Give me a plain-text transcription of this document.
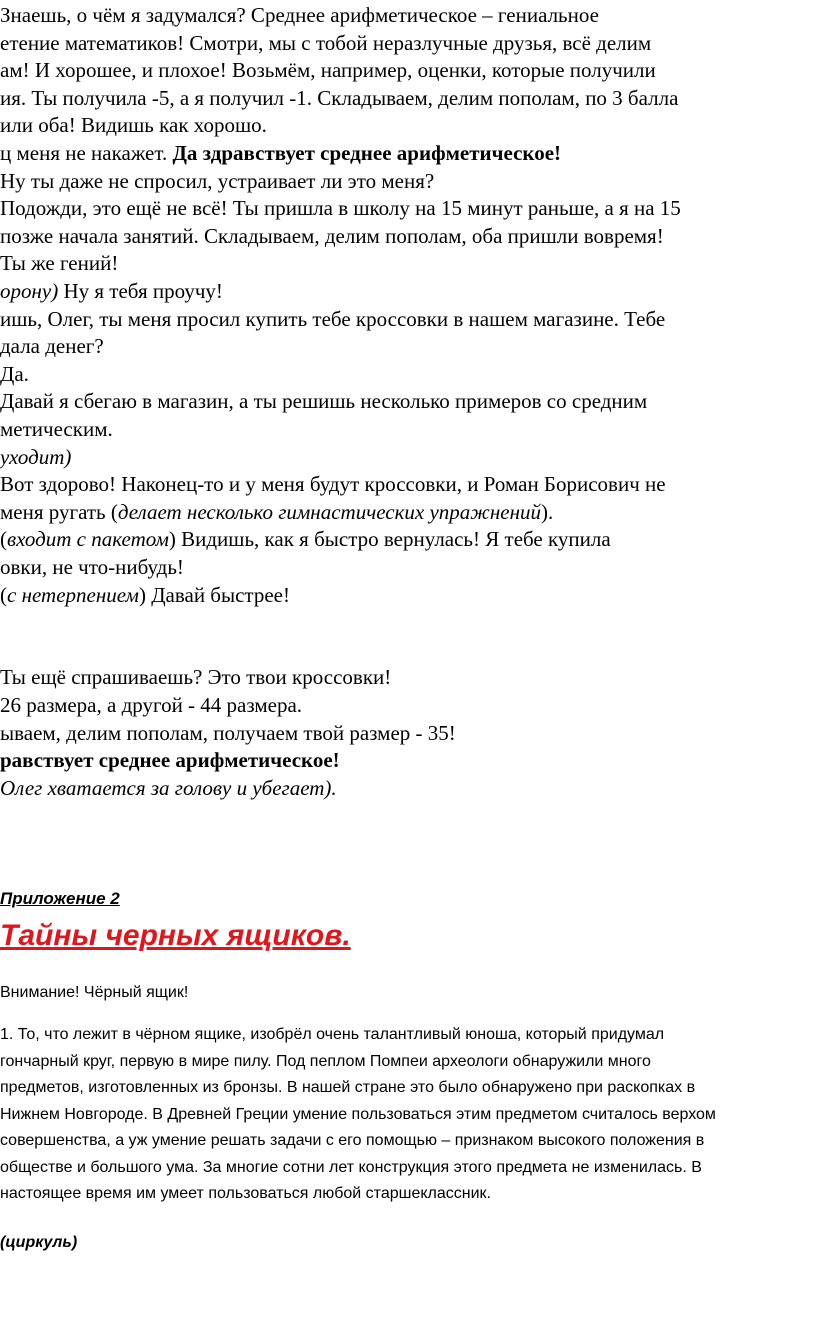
Знаешь, о чём я задумался? Среднее арифметическое – гениальное
етение математиков! Смотри, мы с тобой неразлучные друзья, всё делим
ам! И хорошее, и плохое! Возьмём, например, оценки, которые получили
ия. Ты получила -5, а я получил -1. Складываем, делим пополам, по 3 балла
или оба! Видишь как хорошо.
ц меня не накажет. Да здравствует среднее арифметическое!
Ну ты даже не спросил, устраивает ли это меня?
Подожди, это ещё не всё! Ты пришла в школу на 15 минут раньше, а я на 15
позже начала занятий. Складываем, делим пополам, оба пришли вовремя!
Ты же гений!
орону) Ну я тебя проучу!
ишь, Олег, ты меня просил купить тебе кроссовки в нашем магазине. Тебе
дала денег?
Да.
Давай я сбегаю в магазин, а ты решишь несколько примеров со средним
метическим.
уходит)
Вот здорово! Наконец-то и у меня будут кроссовки, и Роман Борисович не
меня ругать (делает несколько гимнастических упражнений).
(входит с пакетом) Видишь, как я быстро вернулась! Я тебе купила
овки, не что-нибудь!
(с нетерпением) Давай быстрее!
Ты ещё спрашиваешь? Это твои кроссовки!
26 размера, а другой - 44 размера.
ываем, делим пополам, получаем твой размер - 35!
равствует среднее арифметическое!
Олег хватается за голову и убегает).
Приложение 2
Тайны черных ящиков.
Внимание! Чёрный ящик!
1. То, что лежит в чёрном ящике, изобрёл очень талантливый юноша, который придумал
гончарный круг, первую в мире пилу. Под пеплом Помпеи археологи обнаружили много
предметов, изготовленных из бронзы. В нашей стране это было обнаружено при раскопках в
Нижнем Новгороде. В Древней Греции умение пользоваться этим предметом считалось верхом
совершенства, а уж умение решать задачи с его помощью – признаком высокого положения в
обществе и большого ума. За многие сотни лет конструкция этого предмета не изменилась. В
настоящее время им умеет пользоваться любой старшеклассник.
(циркуль)
